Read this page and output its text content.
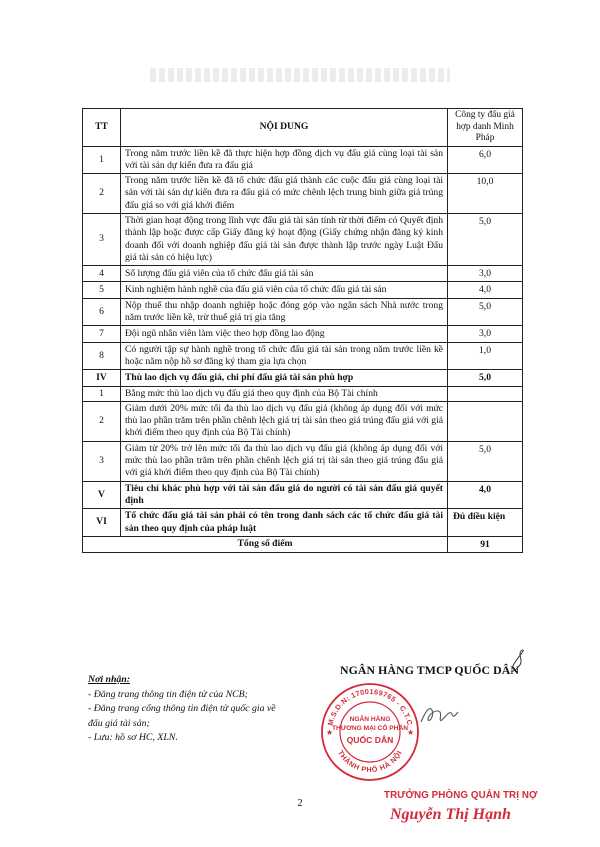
TT	NỘI DUNG	Công ty đấu giá hợp danh Minh Pháp
1	Trong năm trước liền kề đã thực hiện hợp đồng dịch vụ đấu giá cùng loại tài sản với tài sản dự kiến đưa ra đấu giá	6,0
2	Trong năm trước liền kề đã tổ chức đấu giá thành các cuộc đấu giá cùng loại tài sản với tài sản dự kiến đưa ra đấu giá có mức chênh lệch trung bình giữa giá trúng đấu giá so với giá khởi điểm	10,0
3	Thời gian hoạt động trong lĩnh vực đấu giá tài sản tính từ thời điểm có Quyết định thành lập hoặc được cấp Giấy đăng ký hoạt động (Giấy chứng nhận đăng ký kinh doanh đối với doanh nghiệp đấu giá tài sản được thành lập trước ngày Luật Đấu giá tài sản có hiệu lực)	5,0
4	Số lượng đấu giá viên của tổ chức đấu giá tài sản	3,0
5	Kinh nghiệm hành nghề của đấu giá viên của tổ chức đấu giá tài sản	4,0
6	Nộp thuế thu nhập doanh nghiệp hoặc đóng góp vào ngân sách Nhà nước trong năm trước liền kề, trừ thuế giá trị gia tăng	5,0
7	Đội ngũ nhân viên làm việc theo hợp đồng lao động	3,0
8	Có người tập sự hành nghề trong tổ chức đấu giá tài sản trong năm trước liền kề hoặc năm nộp hồ sơ đăng ký tham gia lựa chọn	1,0
IV	Thù lao dịch vụ đấu giá, chi phí đấu giá tài sản phù hợp	5,0
1	Bằng mức thù lao dịch vụ đấu giá theo quy định của Bộ Tài chính	
2	Giảm dưới 20% mức tối đa thù lao dịch vụ đấu giá (không áp dụng đối với mức thù lao phần trăm trên phần chênh lệch giá trị tài sản theo giá trúng đấu giá với giá khởi điểm theo quy định của Bộ Tài chính)	
3	Giảm từ 20% trở lên mức tối đa thù lao dịch vụ đấu giá (không áp dụng đối với mức thù lao phần trăm trên phần chênh lệch giá trị tài sản theo giá trúng đấu giá với giá khởi điểm theo quy định của Bộ Tài chính)	5,0
V	Tiêu chí khác phù hợp với tài sản đấu giá do người có tài sản đấu giá quyết định	4,0
VI	Tổ chức đấu giá tài sản phải có tên trong danh sách các tổ chức đấu giá tài sản theo quy định của pháp luật	Đủ điều kiện
Tổng số điểm		91
Nơi nhận:
- Đăng trang thông tin điện tử của NCB;
- Đăng trang cổng thông tin điện tử quốc gia về đấu giá tài sản;
- Lưu: hồ sơ HC, XLN.
NGÂN HÀNG TMCP QUỐC DÂN
M.S.D.N: 1700169765 - C.T.C
THÀNH PHỐ HÀ NỘI
★	★
NGÂN HÀNG
THƯƠNG MẠI CỔ PHẦN
QUỐC DÂN
2
TRƯỞNG PHÒNG QUẢN TRỊ NỢ
Nguyễn Thị Hạnh
